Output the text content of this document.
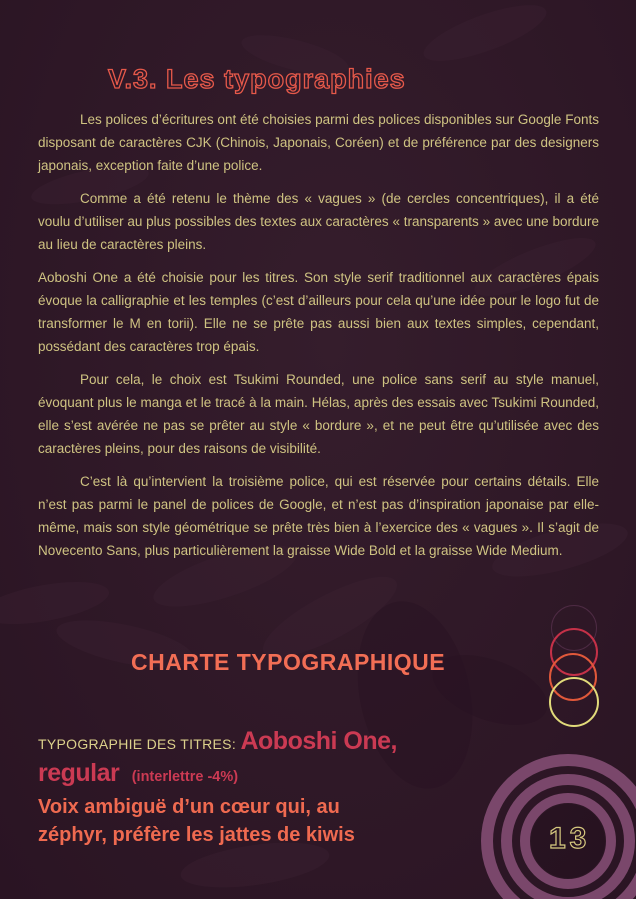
V.3. Les typographies

Les polices d’écritures ont été choisies parmi des polices disponibles sur Google Fonts disposant de caractères CJK (Chinois, Japonais, Coréen) et de préférence par des designers japonais, exception faite d’une police.

Comme a été retenu le thème des « vagues » (de cercles concentriques), il a été voulu d’utiliser au plus possibles des textes aux caractères « transparents » avec une bordure au lieu de caractères pleins.

Aoboshi One a été choisie pour les titres. Son style serif traditionnel aux caractères épais évoque la calligraphie et les temples (c’est d’ailleurs pour cela qu’une idée pour le logo fut de transformer le M en torii). Elle ne se prête pas aussi bien aux textes simples, cependant, possédant des caractères trop épais.

Pour cela, le choix est Tsukimi Rounded, une police sans serif au style manuel, évoquant plus le manga et le tracé à la main. Hélas, après des essais avec Tsukimi Rounded, elle s’est avérée ne pas se prêter au style « bordure », et ne peut être qu’utilisée avec des caractères pleins, pour des raisons de visibilité.

C’est là qu’intervient la troisième police, qui est réservée pour certains détails. Elle n’est pas parmi le panel de polices de Google, et n’est pas d’inspiration japonaise par elle-même, mais son style géométrique se prête très bien à l’exercice des « vagues ». Il s’agit de Novecento Sans, plus particulièrement la graisse Wide Bold et la graisse Wide Medium.

CHARTE TYPOGRAPHIQUE
TYPOGRAPHIE DES TITRES: Aoboshi One,
regular (interlettre -4%)
Voix ambiguë d’un cœur qui, au
zéphyr, préfère les jattes de kiwis	13
